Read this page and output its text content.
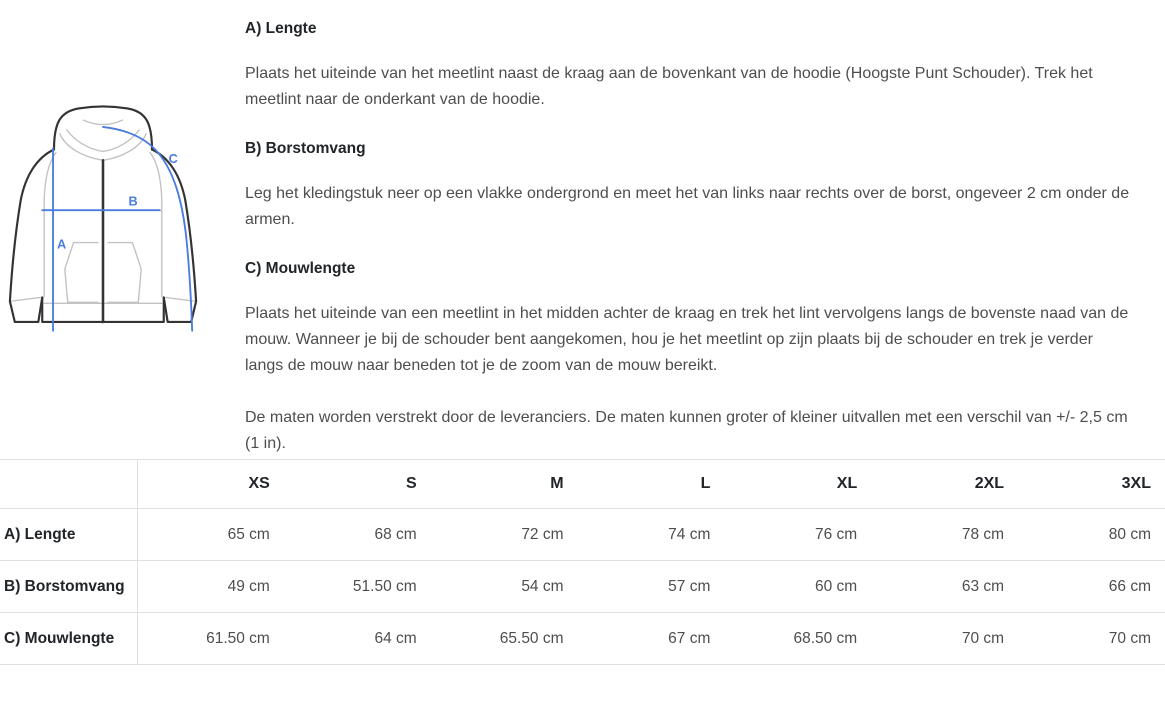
A
B
C
A) Lengte

Plaats het uiteinde van het meetlint naast de kraag aan de bovenkant van de hoodie (Hoogste Punt Schouder). Trek het meetlint naar de onderkant van de hoodie.

B) Borstomvang

Leg het kledingstuk neer op een vlakke ondergrond en meet het van links naar rechts over de borst, ongeveer 2 cm onder de armen.

C) Mouwlengte

Plaats het uiteinde van een meetlint in het midden achter de kraag en trek het lint vervolgens langs de bovenste naad van de mouw. Wanneer je bij de schouder bent aangekomen, hou je het meetlint op zijn plaats bij de schouder en trek je verder langs de mouw naar beneden tot je de zoom van de mouw bereikt.

De maten worden verstrekt door de leveranciers. De maten kunnen groter of kleiner uitvallen met een verschil van +/- 2,5 cm (1 in).

	XS	S	M	L	XL	2XL	3XL
A) Lengte	65 cm	68 cm	72 cm	74 cm	76 cm	78 cm	80 cm
B) Borstomvang	49 cm	51.50 cm	54 cm	57 cm	60 cm	63 cm	66 cm
C) Mouwlengte	61.50 cm	64 cm	65.50 cm	67 cm	68.50 cm	70 cm	70 cm
